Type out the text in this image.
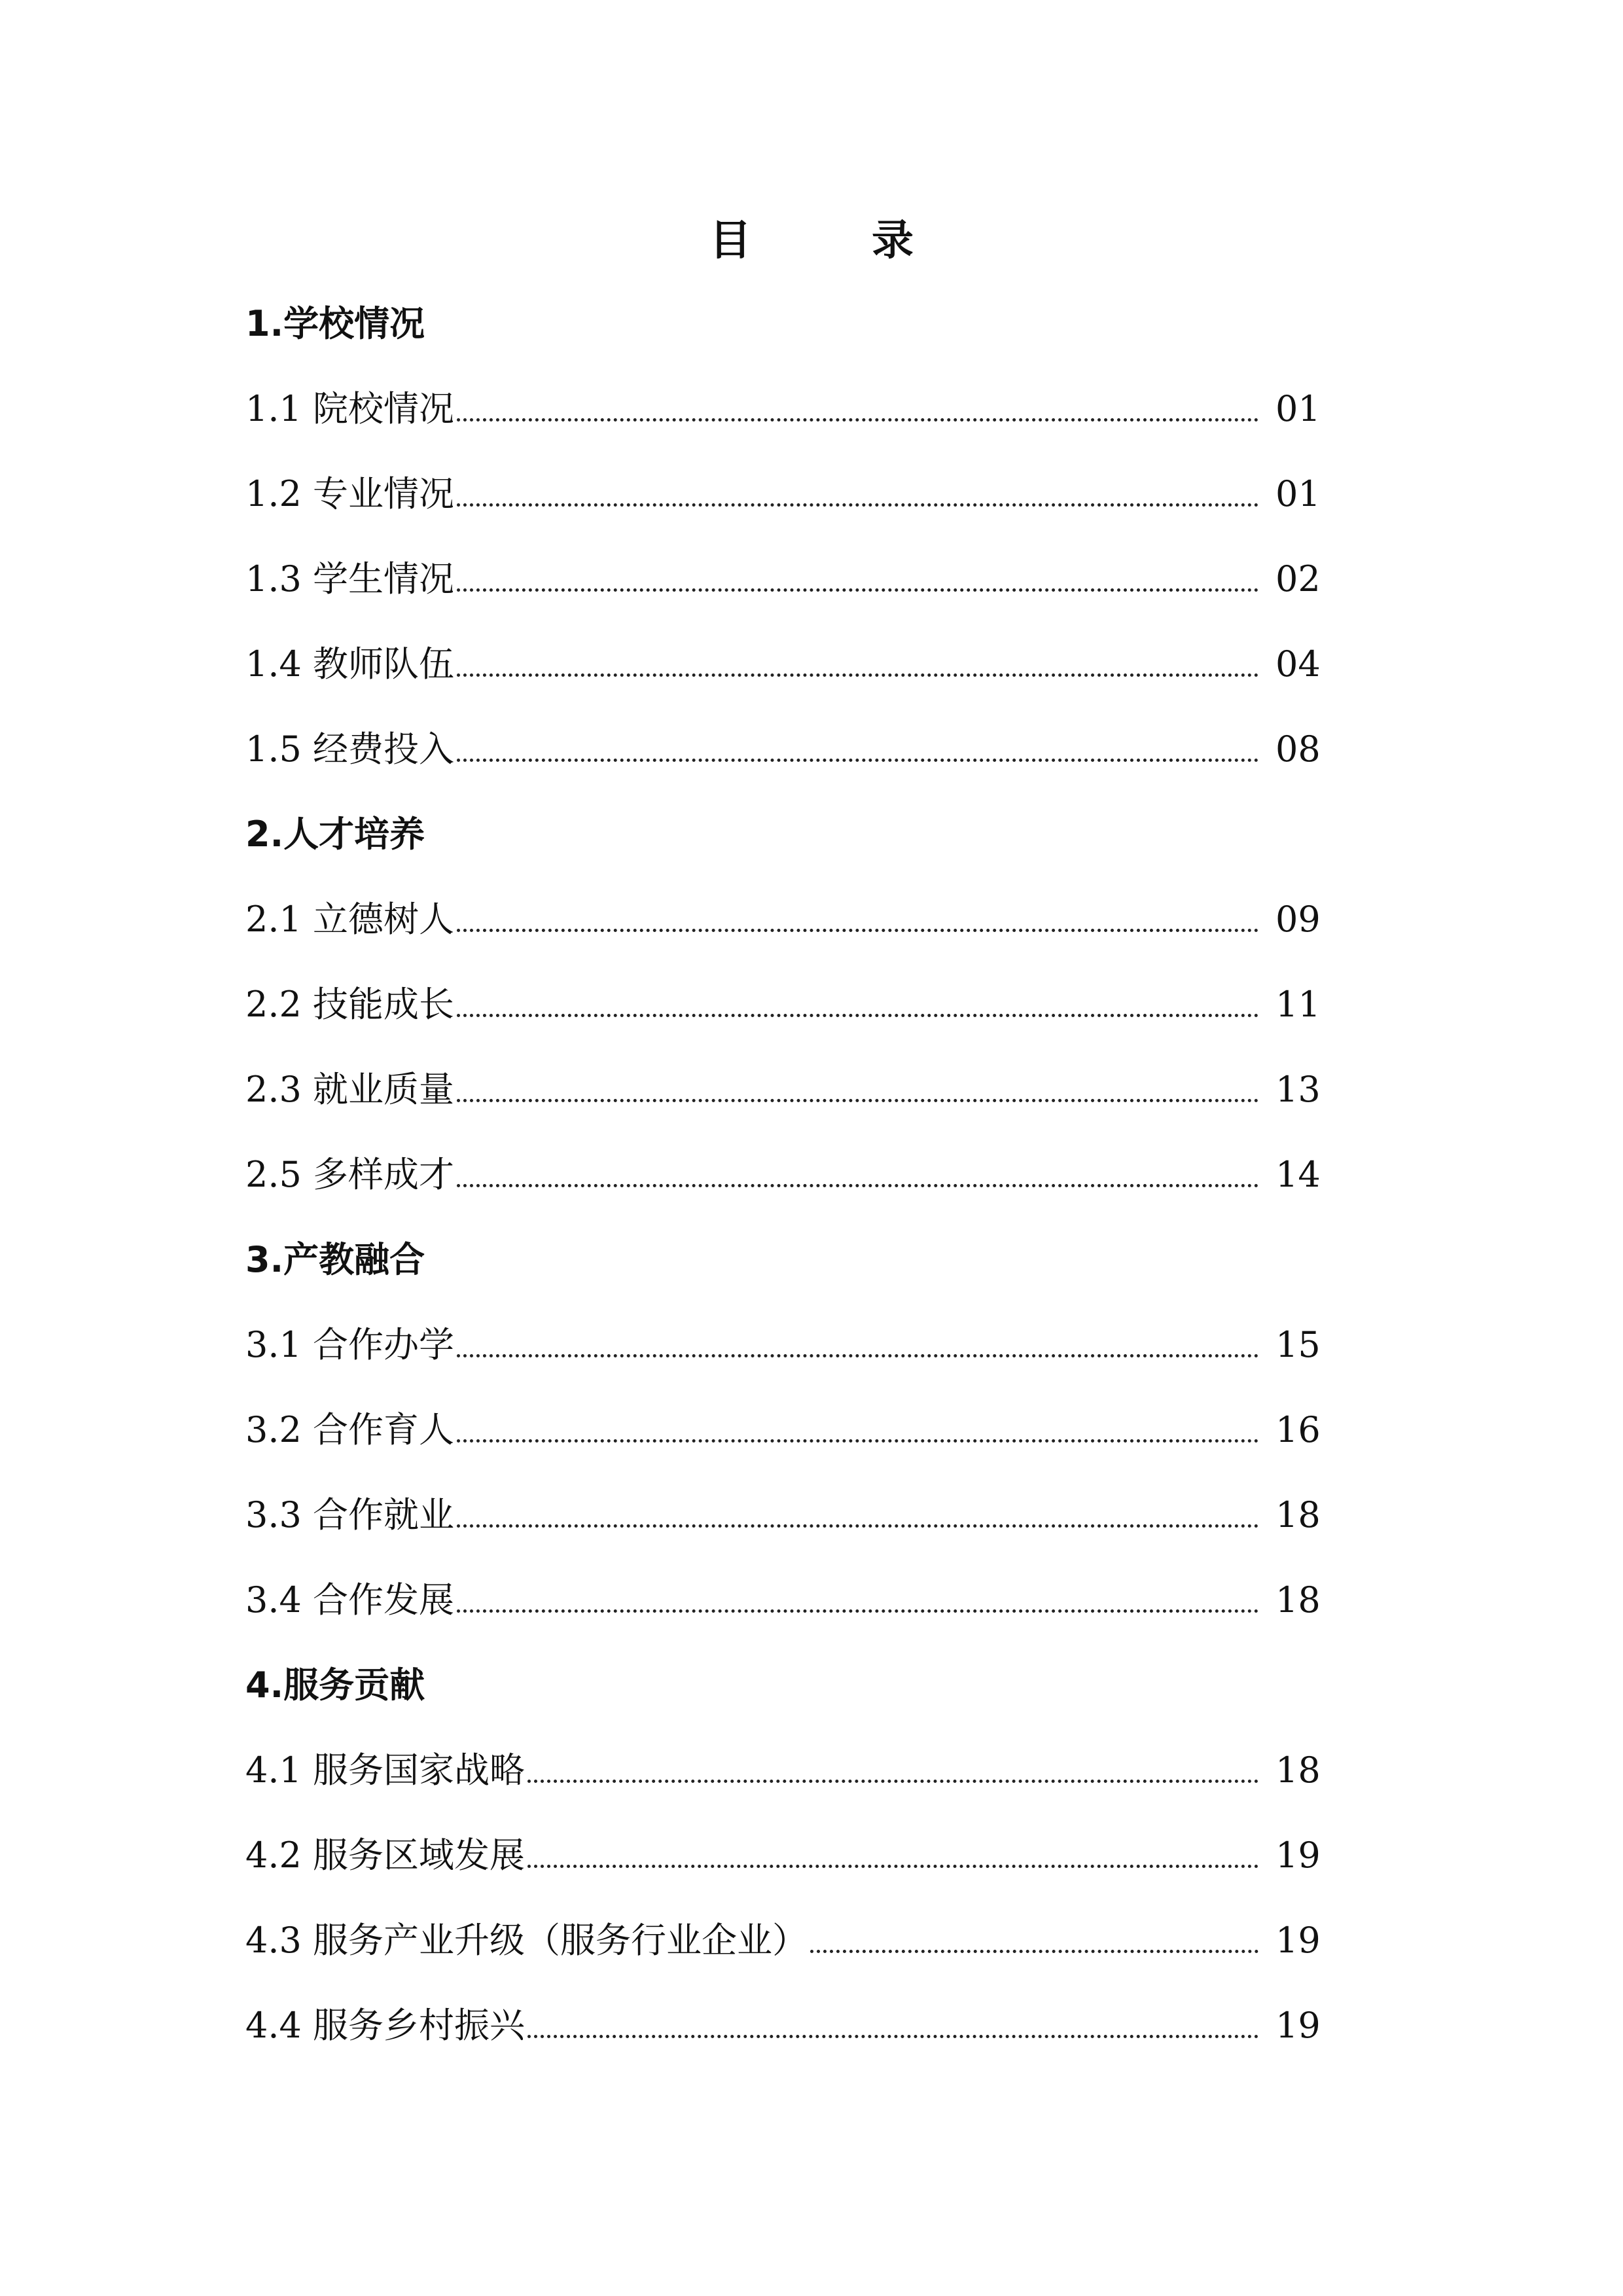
目　录
1.学校情况
1.1 院校情况	01
1.2 专业情况	01
1.3 学生情况	02
1.4 教师队伍	04
1.5 经费投入	08
2.人才培养
2.1 立德树人	09
2.2 技能成长	11
2.3 就业质量	13
2.5 多样成才	14
3.产教融合
3.1 合作办学	15
3.2 合作育人	16
3.3 合作就业	18
3.4 合作发展	18
4.服务贡献
4.1 服务国家战略	18
4.2 服务区域发展	19
4.3 服务产业升级（服务行业企业）	19
4.4 服务乡村振兴	19
